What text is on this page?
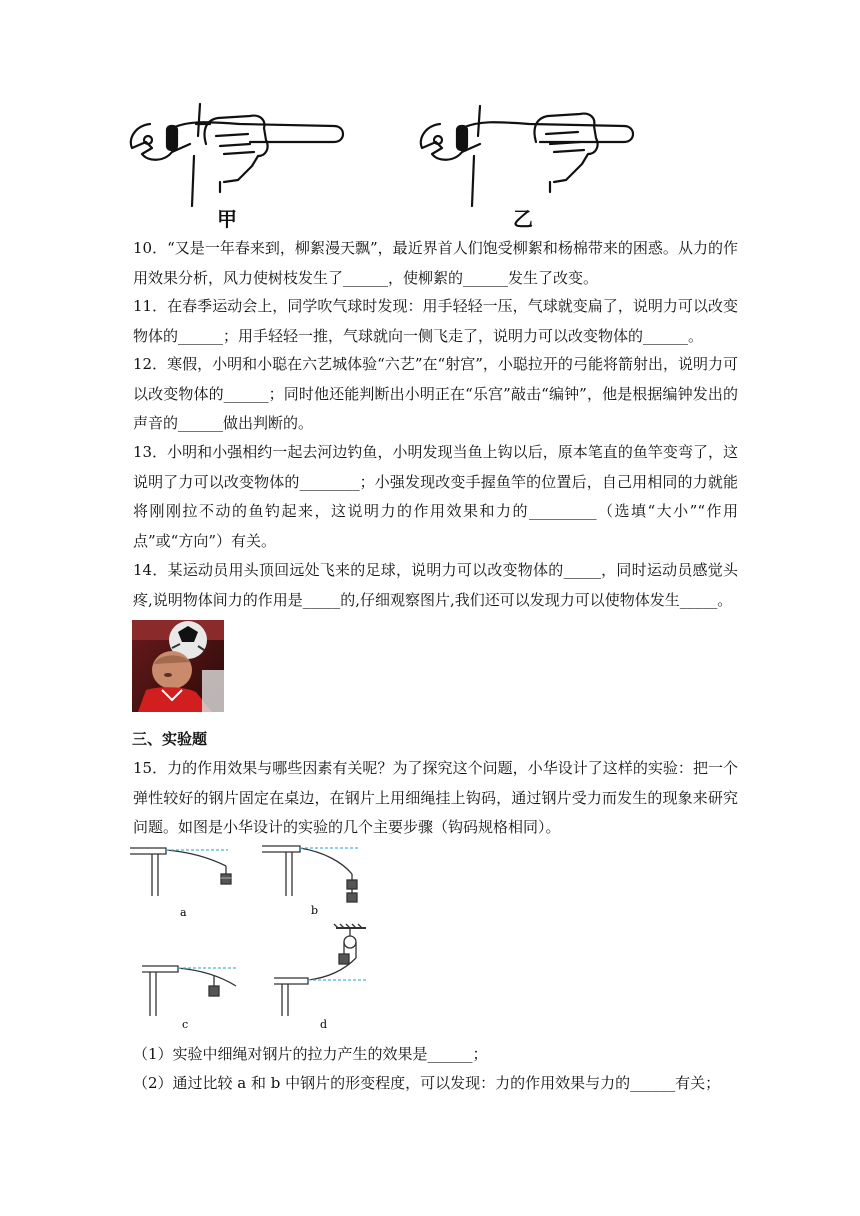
甲	乙

10．“又是一年春来到，柳絮漫天飘”，最近界首人们饱受柳絮和杨棉带来的困惑。从力的作用效果分析，风力使树枝发生了______，使柳絮的______发生了改变。

11．在春季运动会上，同学吹气球时发现：用手轻轻一压，气球就变扁了，说明力可以改变物体的______；用手轻轻一推，气球就向一侧飞走了，说明力可以改变物体的______。

12．寒假，小明和小聪在六艺城体验“六艺”在“射宫”，小聪拉开的弓能将箭射出，说明力可以改变物体的______；同时他还能判断出小明正在“乐宫”敲击“编钟”，他是根据编钟发出的声音的______做出判断的。

13．小明和小强相约一起去河边钓鱼，小明发现当鱼上钩以后，原本笔直的鱼竿变弯了，这说明了力可以改变物体的________；小强发现改变手握鱼竿的位置后，自己用相同的力就能将刚刚拉不动的鱼钓起来，这说明力的作用效果和力的_________（选填“大小”“作用点”或“方向”）有关。

14．某运动员用头顶回远处飞来的足球，说明力可以改变物体的_____，同时运动员感觉头疼,说明物体间力的作用是_____的,仔细观察图片,我们还可以发现力可以使物体发生_____。

三、实验题

15．力的作用效果与哪些因素有关呢？为了探究这个问题，小华设计了这样的实验：把一个弹性较好的钢片固定在桌边，在钢片上用细绳挂上钩码，通过钢片受力而发生的现象来研究问题。如图是小华设计的实验的几个主要步骤（钩码规格相同）。

a	b
c	d

（1）实验中细绳对钢片的拉力产生的效果是______；

（2）通过比较 a 和 b 中钢片的形变程度，可以发现：力的作用效果与力的______有关；
